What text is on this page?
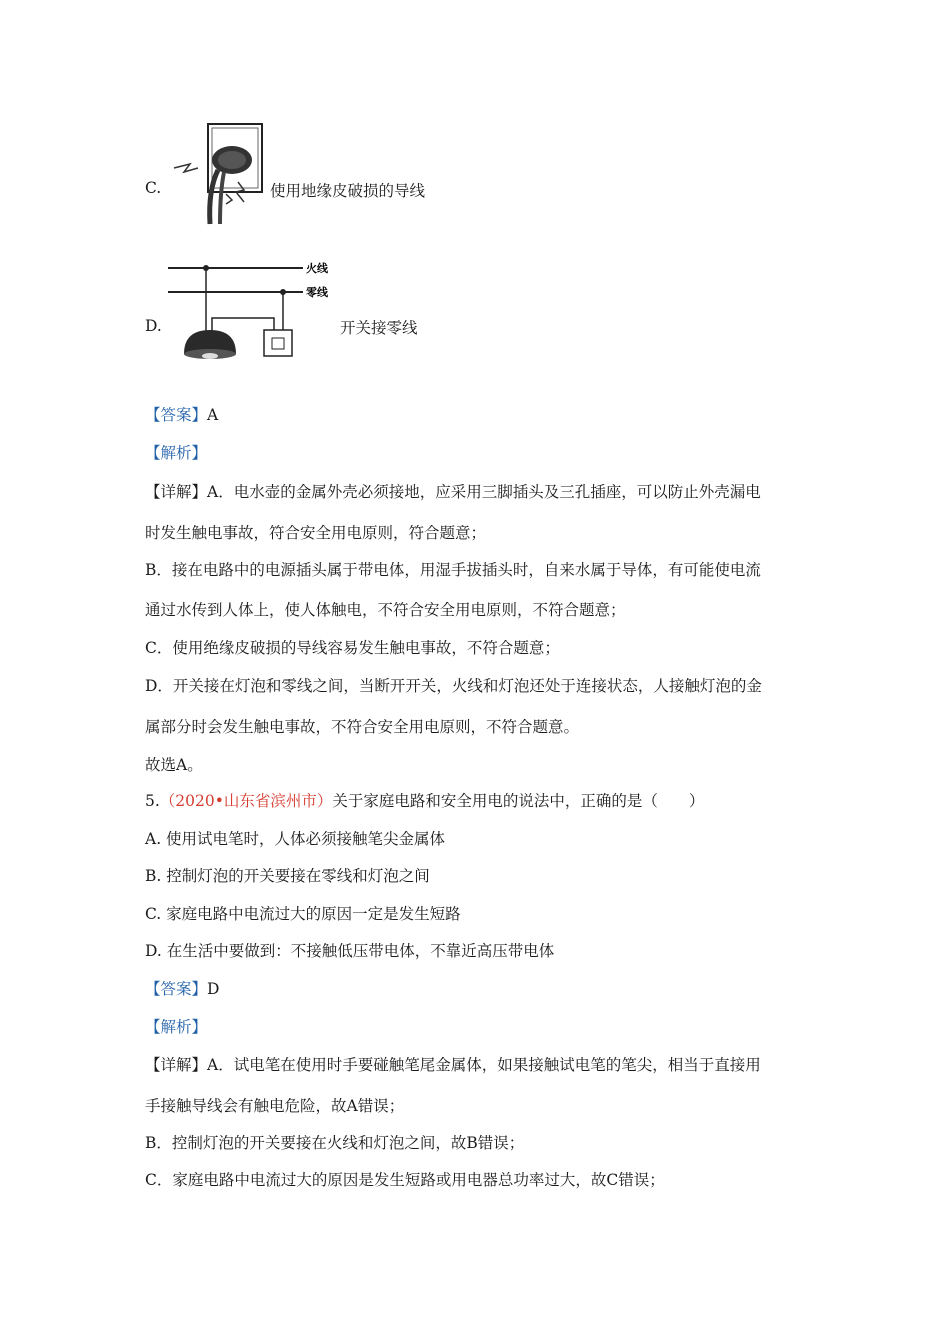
C.	使用地缘皮破损的导线
D.
火线
零线
开关接零线
【答案】A
【解析】
【详解】A．电水壶的金属外壳必须接地，应采用三脚插头及三孔插座，可以防止外壳漏电
时发生触电事故，符合安全用电原则，符合题意；
B．接在电路中的电源插头属于带电体，用湿手拔插头时，自来水属于导体，有可能使电流
通过水传到人体上，使人体触电，不符合安全用电原则，不符合题意；
C．使用绝缘皮破损的导线容易发生触电事故，不符合题意；
D．开关接在灯泡和零线之间，当断开开关，火线和灯泡还处于连接状态，人接触灯泡的金
属部分时会发生触电事故，不符合安全用电原则，不符合题意。
故选A。
5.（2020•山东省滨州市）关于家庭电路和安全用电的说法中，正确的是（　　）
A. 使用试电笔时，人体必须接触笔尖金属体
B. 控制灯泡的开关要接在零线和灯泡之间
C. 家庭电路中电流过大的原因一定是发生短路
D. 在生活中要做到：不接触低压带电体，不靠近高压带电体
【答案】D
【解析】
【详解】A．试电笔在使用时手要碰触笔尾金属体，如果接触试电笔的笔尖，相当于直接用
手接触导线会有触电危险，故A错误；
B．控制灯泡的开关要接在火线和灯泡之间，故B错误；
C．家庭电路中电流过大的原因是发生短路或用电器总功率过大，故C错误；
